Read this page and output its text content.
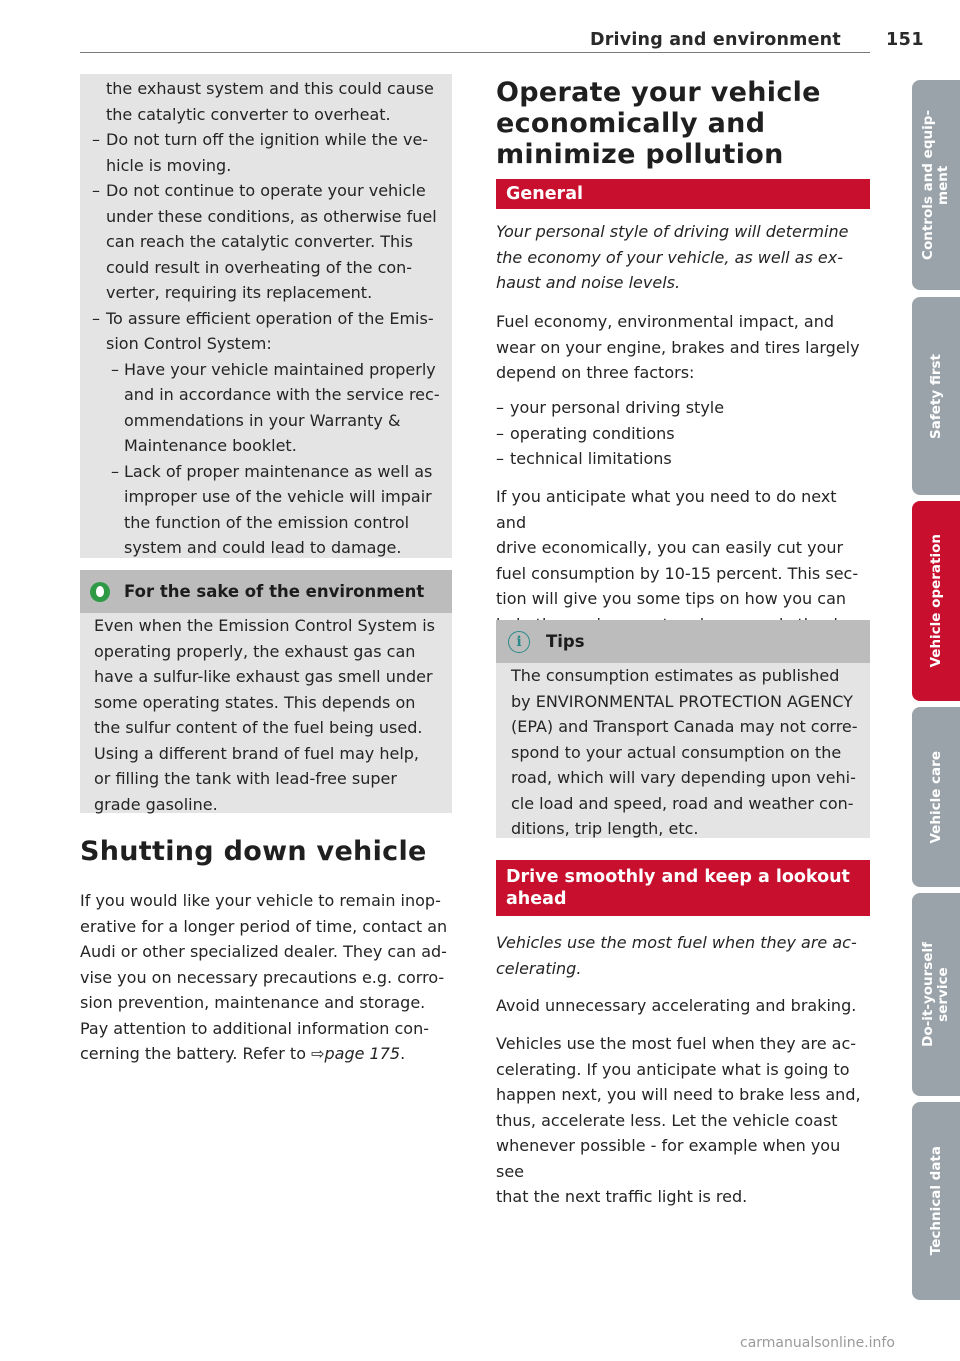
Driving and environment	151
the exhaust system and this could cause
the catalytic converter to overheat.
– Do not turn off the ignition while the ve-
hicle is moving.
– Do not continue to operate your vehicle
under these conditions, as otherwise fuel
can reach the catalytic converter. This
could result in overheating of the con-
verter, requiring its replacement.
– To assure efficient operation of the Emis-
sion Control System:
– Have your vehicle maintained properly
and in accordance with the service rec-
ommendations in your Warranty &
Maintenance booklet.
– Lack of proper maintenance as well as
improper use of the vehicle will impair
the function of the emission control
system and could lead to damage.
For the sake of the environment
Even when the Emission Control System is
operating properly, the exhaust gas can
have a sulfur-like exhaust gas smell under
some operating states. This depends on
the sulfur content of the fuel being used.
Using a different brand of fuel may help,
or filling the tank with lead-free super
grade gasoline.
Shutting down vehicle
If you would like your vehicle to remain inop-
erative for a longer period of time, contact an
Audi or other specialized dealer. They can ad-
vise you on necessary precautions e.g. corro-
sion prevention, maintenance and storage.
Pay attention to additional information con-
cerning the battery. Refer to ⇨page 175.
Operate your vehicle
economically and
minimize pollution
General
Your personal style of driving will determine
the economy of your vehicle, as well as ex-
haust and noise levels.
Fuel economy, environmental impact, and
wear on your engine, brakes and tires largely
depend on three factors:
– your personal driving style
– operating conditions
– technical limitations
If you anticipate what you need to do next and
drive economically, you can easily cut your
fuel consumption by 10-15 percent. This sec-
tion will give you some tips on how you can
i	Tips
The consumption estimates as published
by ENVIRONMENTAL PROTECTION AGENCY
(EPA) and Transport Canada may not corre-
spond to your actual consumption on the
road, which will vary depending upon vehi-
cle load and speed, road and weather con-
ditions, trip length, etc.
Drive smoothly and keep a lookout
ahead
Vehicles use the most fuel when they are ac-
celerating.
Avoid unnecessary accelerating and braking.
Vehicles use the most fuel when they are ac-
celerating. If you anticipate what is going to
happen next, you will need to brake less and,
thus, accelerate less. Let the vehicle coast
whenever possible - for example when you see
that the next traffic light is red.
Controls and equip-
ment
Safety first
Vehicle operation
Vehicle care
Do-it-yourself
service
Technical data
carmanualsonline.info
